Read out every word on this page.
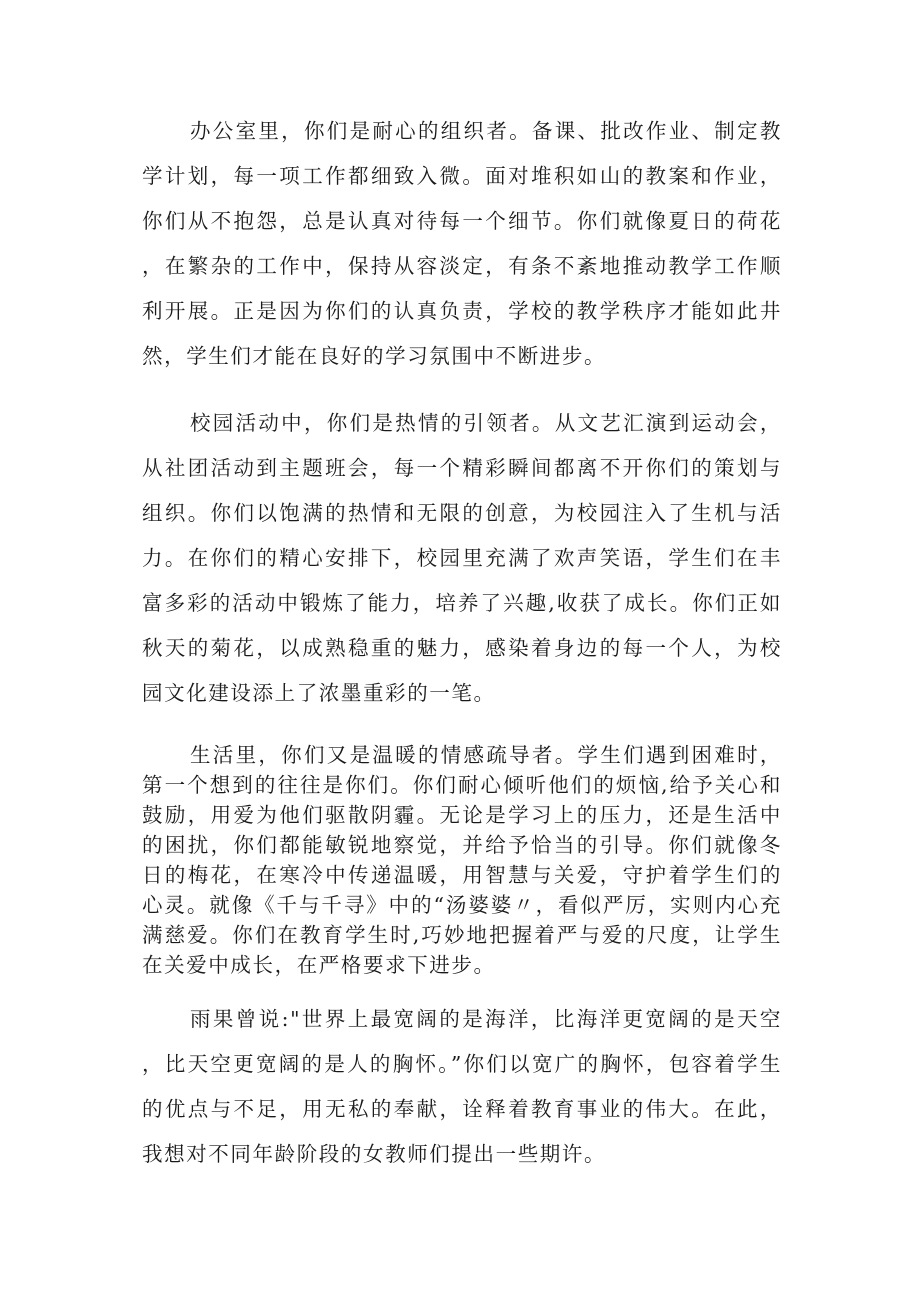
办公室里，你们是耐心的组织者。备课、批改作业、制定教学计划，每一项工作都细致入微。面对堆积如山的教案和作业，你们从不抱怨，总是认真对待每一个细节。你们就像夏日的荷花，在繁杂的工作中，保持从容淡定，有条不紊地推动教学工作顺利开展。正是因为你们的认真负责，学校的教学秩序才能如此井然，学生们才能在良好的学习氛围中不断进步。

校园活动中，你们是热情的引领者。从文艺汇演到运动会，从社团活动到主题班会，每一个精彩瞬间都离不开你们的策划与组织。你们以饱满的热情和无限的创意，为校园注入了生机与活力。在你们的精心安排下，校园里充满了欢声笑语，学生们在丰富多彩的活动中锻炼了能力，培养了兴趣,收获了成长。你们正如秋天的菊花，以成熟稳重的魅力，感染着身边的每一个人，为校园文化建设添上了浓墨重彩的一笔。

生活里，你们又是温暖的情感疏导者。学生们遇到困难时，第一个想到的往往是你们。你们耐心倾听他们的烦恼,给予关心和鼓励，用爱为他们驱散阴霾。无论是学习上的压力，还是生活中的困扰，你们都能敏锐地察觉，并给予恰当的引导。你们就像冬日的梅花，在寒冷中传递温暖，用智慧与关爱，守护着学生们的心灵。就像《千与千寻》中的“汤婆婆〃，看似严厉，实则内心充满慈爱。你们在教育学生时,巧妙地把握着严与爱的尺度，让学生在关爱中成长，在严格要求下进步。

雨果曾说:"世界上最宽阔的是海洋，比海洋更宽阔的是天空，比天空更宽阔的是人的胸怀。”你们以宽广的胸怀，包容着学生的优点与不足，用无私的奉献，诠释着教育事业的伟大。在此，我想对不同年龄阶段的女教师们提出一些期许。
